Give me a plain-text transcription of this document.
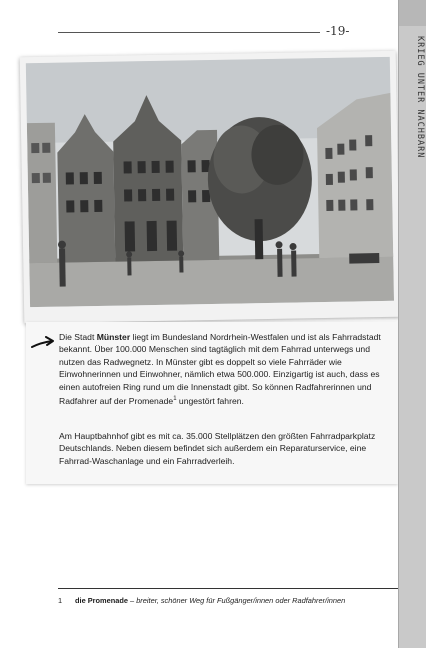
-19-

Die Stadt Münster liegt im Bundesland Nordrhein-Westfalen und ist als Fahrradstadt bekannt. Über 100.000 Menschen sind tagtäglich mit dem Fahrrad unterwegs und nutzen das Radwegnetz. In Münster gibt es doppelt so viele Fahrräder wie Einwohnerinnen und Einwohner, nämlich etwa 500.000. Einzigartig ist auch, dass es einen autofreien Ring rund um die Innenstadt gibt. So können Radfahrerinnen und Radfahrer auf der Promenade$^1$ ungestört fahren.

Am Hauptbahnhof gibt es mit ca. 35.000 Stellplätzen den größten Fahrradparkplatz Deutschlands. Neben diesem befindet sich außerdem ein Reparaturservice, eine Fahrrad-Waschanlage und ein Fahrradverleih.

1 die Promenade – breiter, schöner Weg für Fußgänger/innen oder Radfahrer/innen
KRIEG UNTER NACHBARN
